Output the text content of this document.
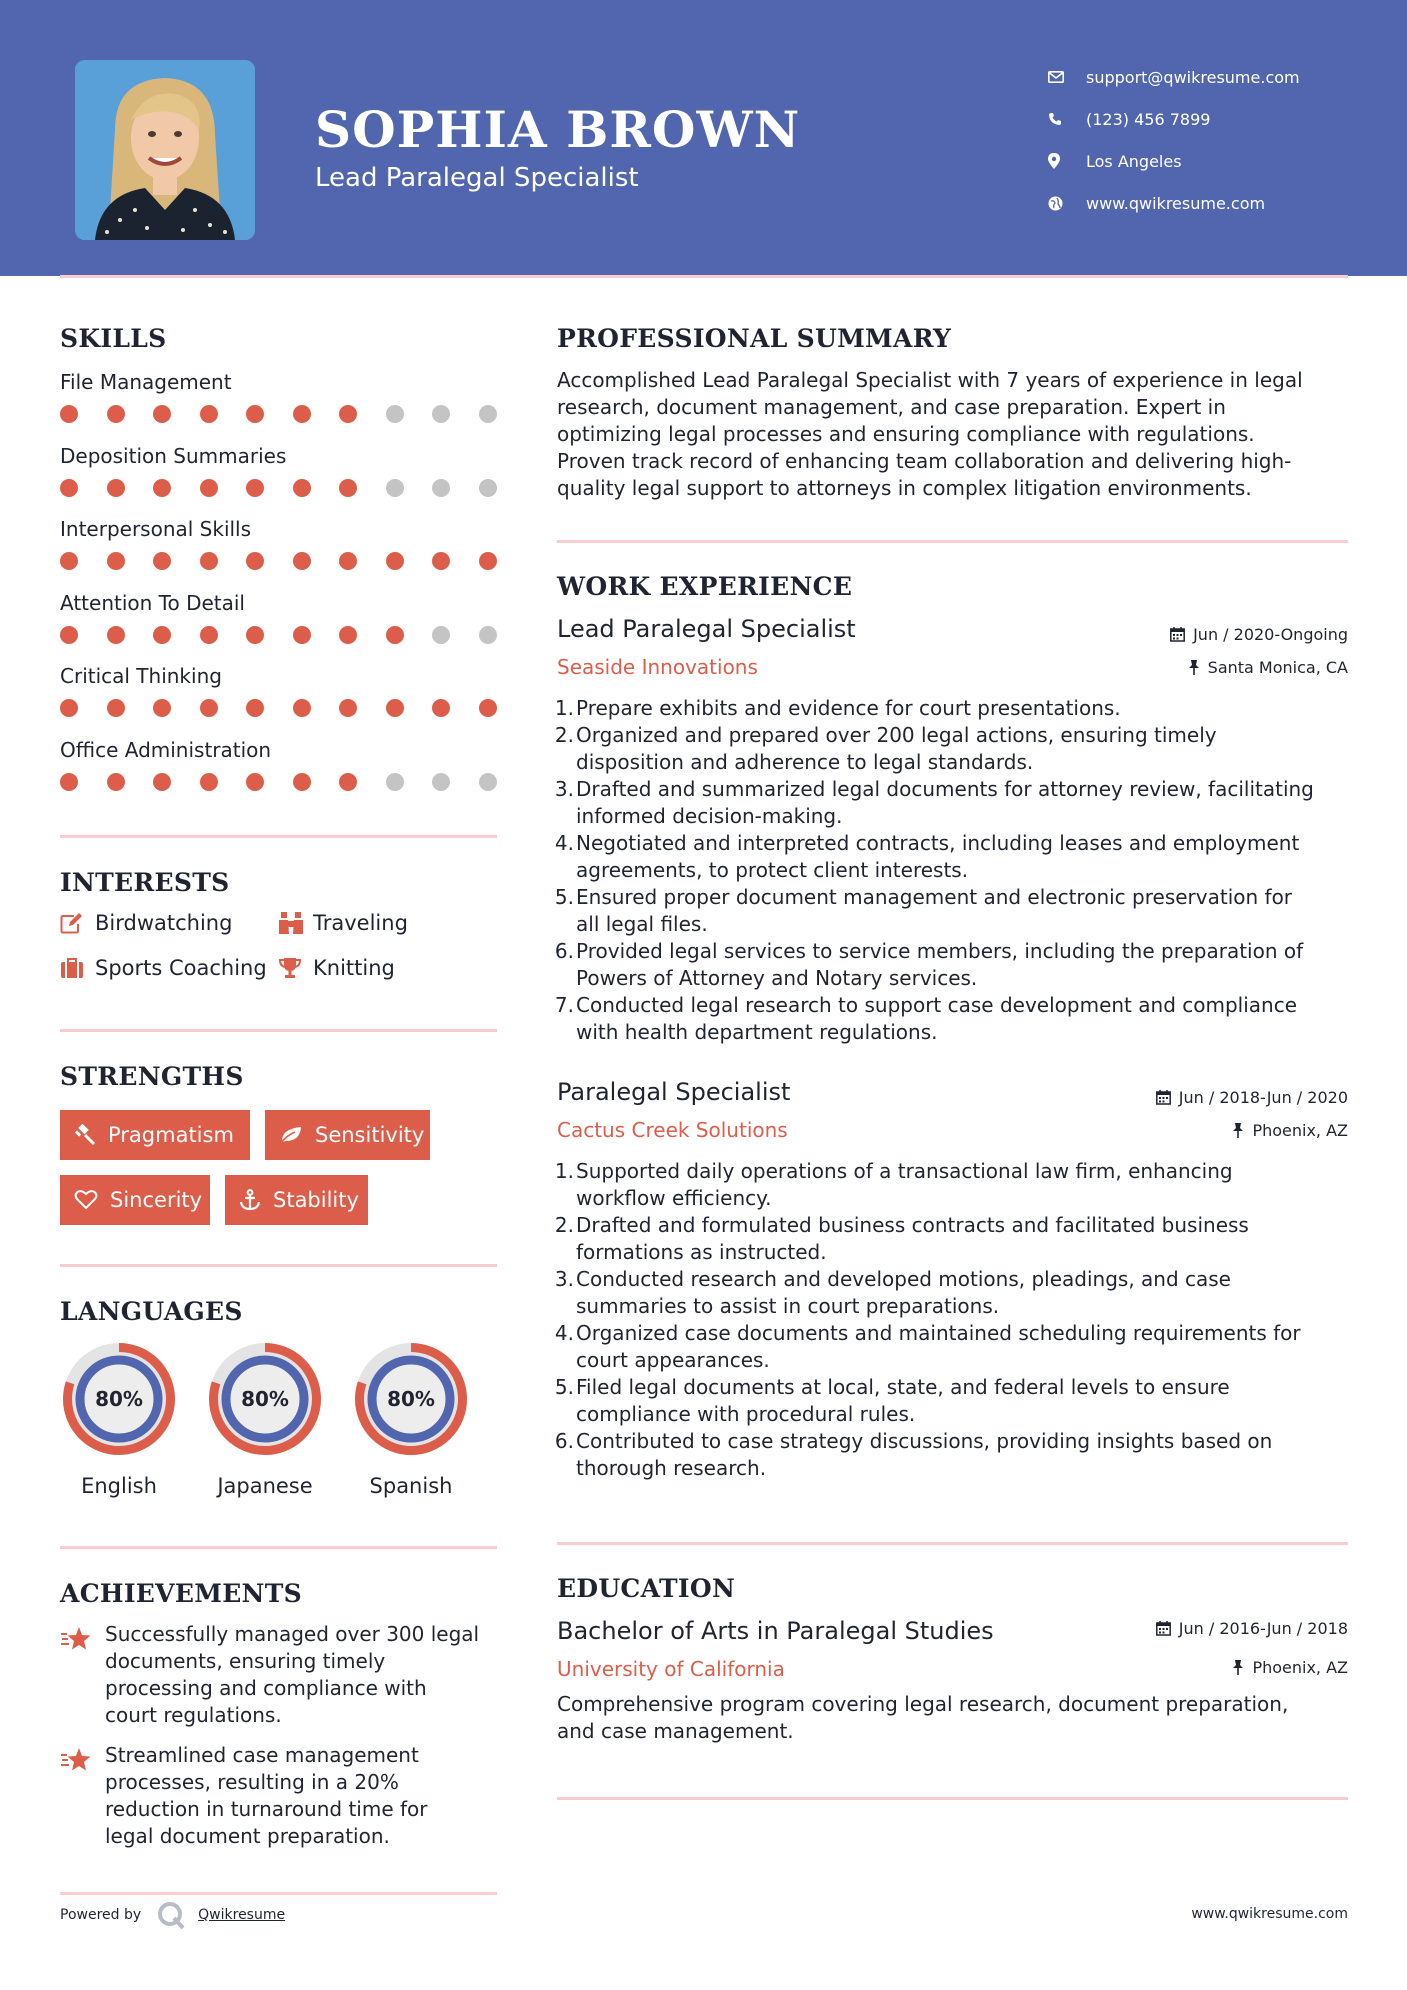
SOPHIA BROWN
Lead Paralegal Specialist
support@qwikresume.com
(123) 456 7899
Los Angeles
www.qwikresume.com
SKILLS
File Management
Deposition Summaries
Interpersonal Skills
Attention To Detail
Critical Thinking
Office Administration
INTERESTS
Birdwatching	Traveling
Sports Coaching Knitting
STRENGTHS
Pragmatism	Sensitivity
Sincerity	Stability
LANGUAGES
80%
English
80%
Japanese
80%
Spanish
ACHIEVEMENTS
Successfully managed over 300 legal
documents, ensuring timely
processing and compliance with
court regulations.
Streamlined case management
processes, resulting in a 20%
reduction in turnaround time for
legal document preparation.
PROFESSIONAL SUMMARY
Accomplished Lead Paralegal Specialist with 7 years of experience in legal
research, document management, and case preparation. Expert in
optimizing legal processes and ensuring compliance with regulations.
Proven track record of enhancing team collaboration and delivering high-
quality legal support to attorneys in complex litigation environments.
WORK EXPERIENCE
Lead Paralegal Specialist
Seaside Innovations
Jun / 2020-Ongoing
Santa Monica, CA
1. Prepare exhibits and evidence for court presentations.
2. Organized and prepared over 200 legal actions, ensuring timely
disposition and adherence to legal standards.
3. Drafted and summarized legal documents for attorney review, facilitating
informed decision-making.
4. Negotiated and interpreted contracts, including leases and employment
agreements, to protect client interests.
5. Ensured proper document management and electronic preservation for
all legal files.
6. Provided legal services to service members, including the preparation of
Powers of Attorney and Notary services.
7. Conducted legal research to support case development and compliance
with health department regulations.
Paralegal Specialist
Cactus Creek Solutions
Jun / 2018-Jun / 2020
Phoenix, AZ
1. Supported daily operations of a transactional law firm, enhancing
workflow efficiency.
2. Drafted and formulated business contracts and facilitated business
formations as instructed.
3. Conducted research and developed motions, pleadings, and case
summaries to assist in court preparations.
4. Organized case documents and maintained scheduling requirements for
court appearances.
5. Filed legal documents at local, state, and federal levels to ensure
compliance with procedural rules.
6. Contributed to case strategy discussions, providing insights based on
thorough research.
EDUCATION
Bachelor of Arts in Paralegal Studies
University of California
Jun / 2016-Jun / 2018
Phoenix, AZ
Comprehensive program covering legal research, document preparation,
and case management.
Powered by	Qwikresume	www.qwikresume.com
